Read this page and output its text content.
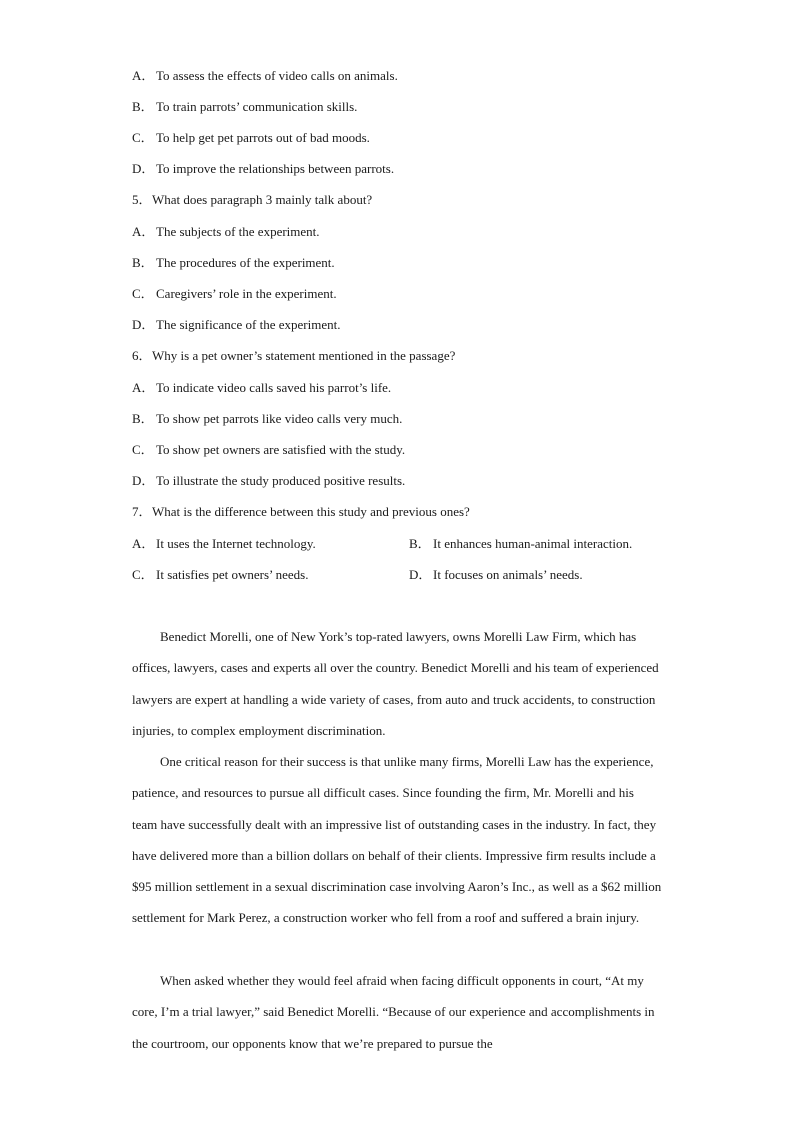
A． To assess the effects of video calls on animals.
B． To train parrots’ communication skills.
C． To help get pet parrots out of bad moods.
D． To improve the relationships between parrots.
5．What does paragraph 3 mainly talk about?
A． The subjects of the experiment.
B． The procedures of the experiment.
C． Caregivers’ role in the experiment.
D． The significance of the experiment.
6．Why is a pet owner’s statement mentioned in the passage?
A． To indicate video calls saved his parrot’s life.
B． To show pet parrots like video calls very much.
C． To show pet owners are satisfied with the study.
D． To illustrate the study produced positive results.
7．What is the difference between this study and previous ones?
A． It uses the Internet technology.	B． It enhances human-animal interaction.
C． It satisfies pet owners’ needs.	D． It focuses on animals’ needs.
Benedict Morelli, one of New York’s top-rated lawyers, owns Morelli Law Firm, which has offices, lawyers, cases and experts all over the country. Benedict Morelli and his team of experienced lawyers are expert at handling a wide variety of cases, from auto and truck accidents, to construction injuries, to complex employment discrimination.
One critical reason for their success is that unlike many firms, Morelli Law has the experience, patience, and resources to pursue all difficult cases. Since founding the firm, Mr. Morelli and his team have successfully dealt with an impressive list of outstanding cases in the industry. In fact, they have delivered more than a billion dollars on behalf of their clients. Impressive firm results include a $95 million settlement in a sexual discrimination case involving Aaron’s Inc., as well as a $62 million settlement for Mark Perez, a construction worker who fell from a roof and suffered a brain injury.
When asked whether they would feel afraid when facing difficult opponents in court, “At my core, I’m a trial lawyer,” said Benedict Morelli. “Because of our experience and accomplishments in the courtroom, our opponents know that we’re prepared to pursue the
